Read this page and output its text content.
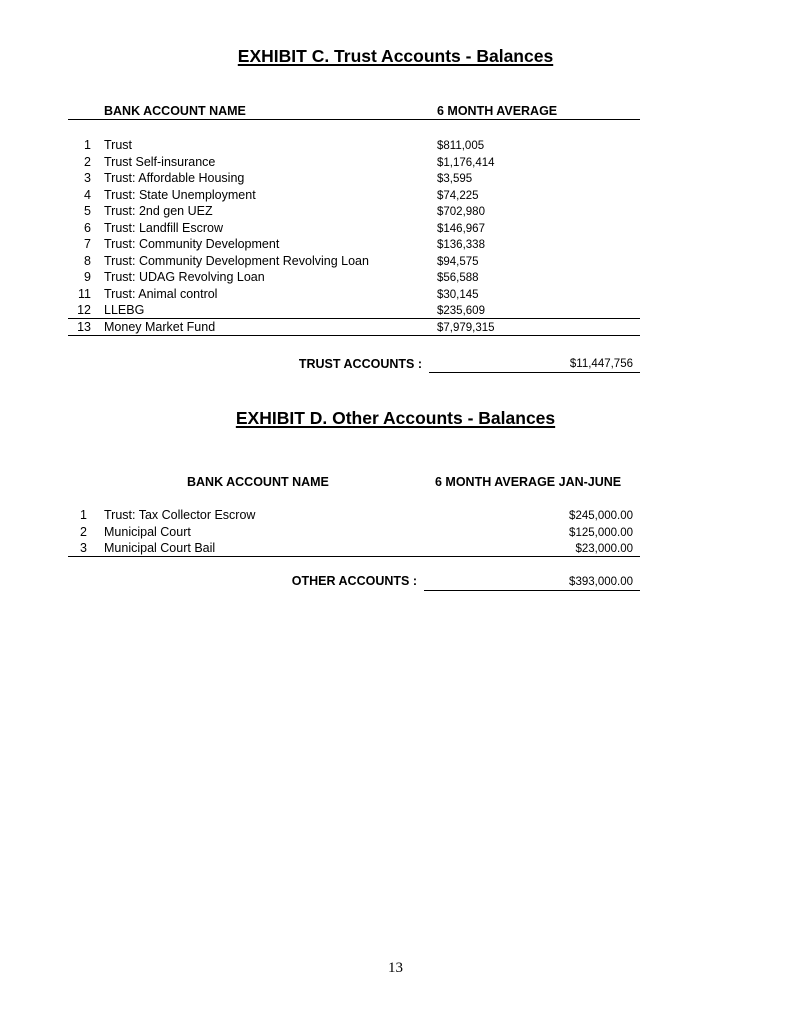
EXHIBIT C. Trust Accounts - Balances
BANK ACCOUNT NAME	6 MONTH AVERAGE
1 Trust	$811,005
2 Trust Self-insurance	$1,176,414
3 Trust: Affordable Housing	$3,595
4 Trust: State Unemployment	$74,225
5 Trust: 2nd gen UEZ	$702,980
6 Trust: Landfill Escrow	$146,967
7 Trust: Community Development	$136,338
8 Trust: Community Development Revolving Loan	$94,575
9 Trust: UDAG Revolving Loan	$56,588
11 Trust: Animal control	$30,145
12 LLEBG	$235,609
13 Money Market Fund	$7,979,315
TRUST ACCOUNTS :	$11,447,756
EXHIBIT D. Other Accounts - Balances
BANK ACCOUNT NAME	6 MONTH AVERAGE JAN-JUNE
1 Trust: Tax Collector Escrow	$245,000.00
2 Municipal Court	$125,000.00
3 Municipal Court Bail	$23,000.00
OTHER ACCOUNTS :	$393,000.00
13
